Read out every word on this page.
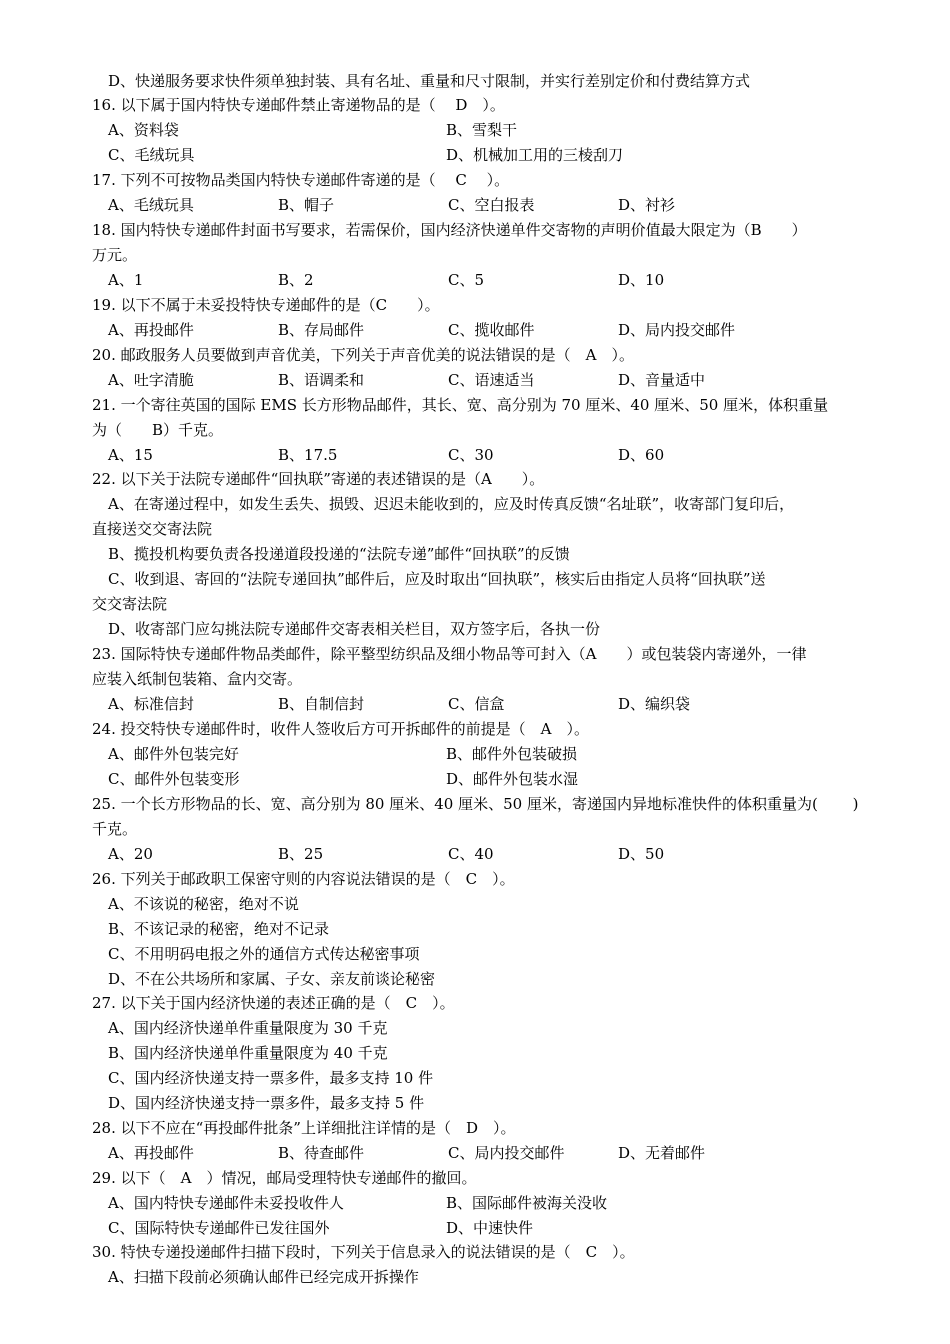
D、快递服务要求快件须单独封装、具有名址、重量和尺寸限制，并实行差别定价和付费结算方式
16. 以下属于国内特快专递邮件禁止寄递物品的是（　 D　）。
A、资料袋	B、雪梨干
C、毛绒玩具	D、机械加工用的三棱刮刀
17. 下列不可按物品类国内特快专递邮件寄递的是（　 C　 ）。
A、毛绒玩具	B、帽子	C、空白报表	D、衬衫
18. 国内特快专递邮件封面书写要求，若需保价，国内经济快递单件交寄物的声明价值最大限定为（B　　）
万元。
A、1	B、2	C、5	D、10
19. 以下不属于未妥投特快专递邮件的是（C　　）。
A、再投邮件	B、存局邮件	C、揽收邮件	D、局内投交邮件
20. 邮政服务人员要做到声音优美，下列关于声音优美的说法错误的是（　A　）。
A、吐字清脆	B、语调柔和	C、语速适当	D、音量适中
21. 一个寄往英国的国际 EMS 长方形物品邮件，其长、宽、高分别为 70 厘米、40 厘米、50 厘米，体积重量
为（　　B）千克。
A、15	B、17.5	C、30	D、60
22. 以下关于法院专递邮件“回执联”寄递的表述错误的是（A　　）。
A、在寄递过程中，如发生丢失、损毁、迟迟未能收到的，应及时传真反馈“名址联”，收寄部门复印后，
直接送交交寄法院
B、揽投机构要负责各投递道段投递的“法院专递”邮件“回执联”的反馈
C、收到退、寄回的“法院专递回执”邮件后，应及时取出“回执联”，核实后由指定人员将“回执联”送
交交寄法院
D、收寄部门应勾挑法院专递邮件交寄表相关栏目，双方签字后，各执一份
23. 国际特快专递邮件物品类邮件，除平整型纺织品及细小物品等可封入（A　　）或包装袋内寄递外，一律
应装入纸制包装箱、盒内交寄。
A、标准信封	B、自制信封	C、信盒	D、编织袋
24. 投交特快专递邮件时，收件人签收后方可开拆邮件的前提是（　A　）。
A、邮件外包装完好	B、邮件外包装破损
C、邮件外包装变形	D、邮件外包装水湿
25. 一个长方形物品的长、宽、高分别为 80 厘米、40 厘米、50 厘米，寄递国内异地标准快件的体积重量为(　　 )
千克。
A、20	B、25	C、40	D、50
26. 下列关于邮政职工保密守则的内容说法错误的是（　C　）。
A、不该说的秘密，绝对不说
B、不该记录的秘密，绝对不记录
C、不用明码电报之外的通信方式传达秘密事项
D、不在公共场所和家属、子女、亲友前谈论秘密
27. 以下关于国内经济快递的表述正确的是（　C　）。
A、国内经济快递单件重量限度为 30 千克
B、国内经济快递单件重量限度为 40 千克
C、国内经济快递支持一票多件，最多支持 10 件
D、国内经济快递支持一票多件，最多支持 5 件
28. 以下不应在“再投邮件批条”上详细批注详情的是（　D　）。
A、再投邮件	B、待查邮件	C、局内投交邮件	D、无着邮件
29. 以下（　A　）情况，邮局受理特快专递邮件的撤回。
A、国内特快专递邮件未妥投收件人	B、国际邮件被海关没收
C、国际特快专递邮件已发往国外	D、中速快件
30. 特快专递投递邮件扫描下段时，下列关于信息录入的说法错误的是（　C　）。
A、扫描下段前必须确认邮件已经完成开拆操作
